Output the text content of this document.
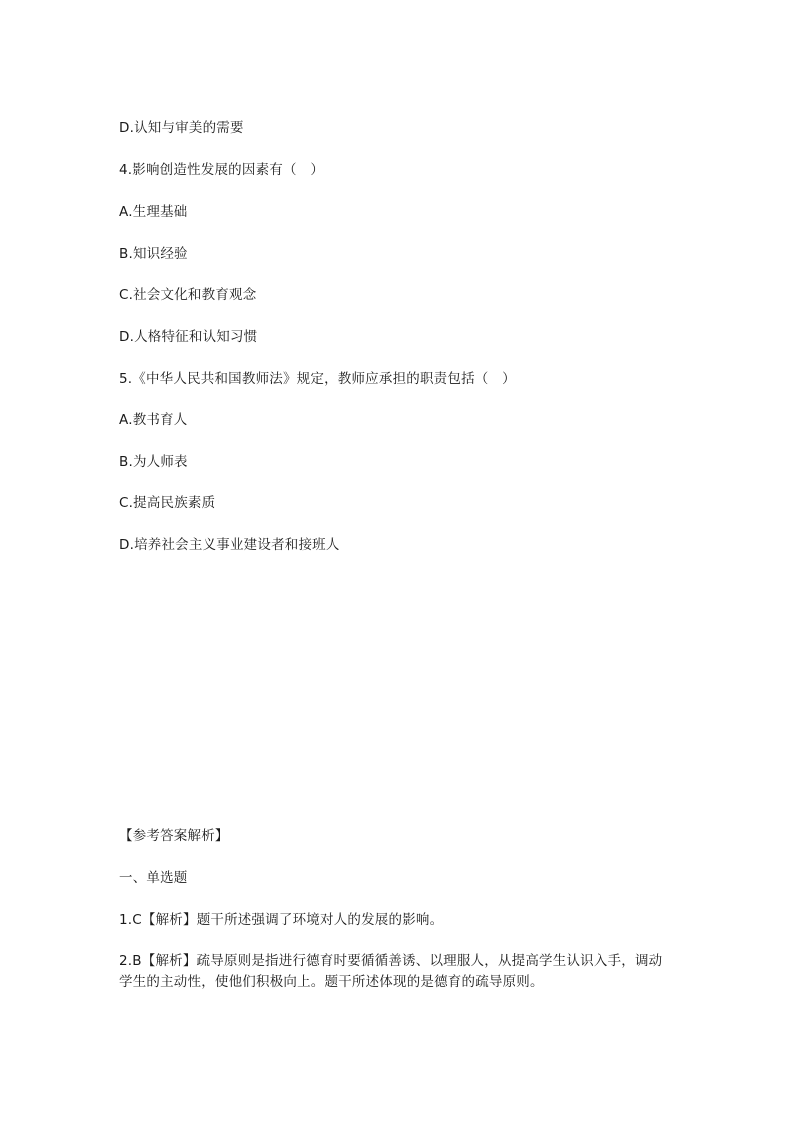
D.认知与审美的需要
4.影响创造性发展的因素有（　）
A.生理基础
B.知识经验
C.社会文化和教育观念
D.人格特征和认知习惯
5.《中华人民共和国教师法》规定，教师应承担的职责包括（　）
A.教书育人
B.为人师表
C.提高民族素质
D.培养社会主义事业建设者和接班人
【参考答案解析】
一、单选题
1.C【解析】题干所述强调了环境对人的发展的影响。
2.B【解析】疏导原则是指进行德育时要循循善诱、以理服人，从提高学生认识入手，调动学生的主动性，使他们积极向上。题干所述体现的是德育的疏导原则。
